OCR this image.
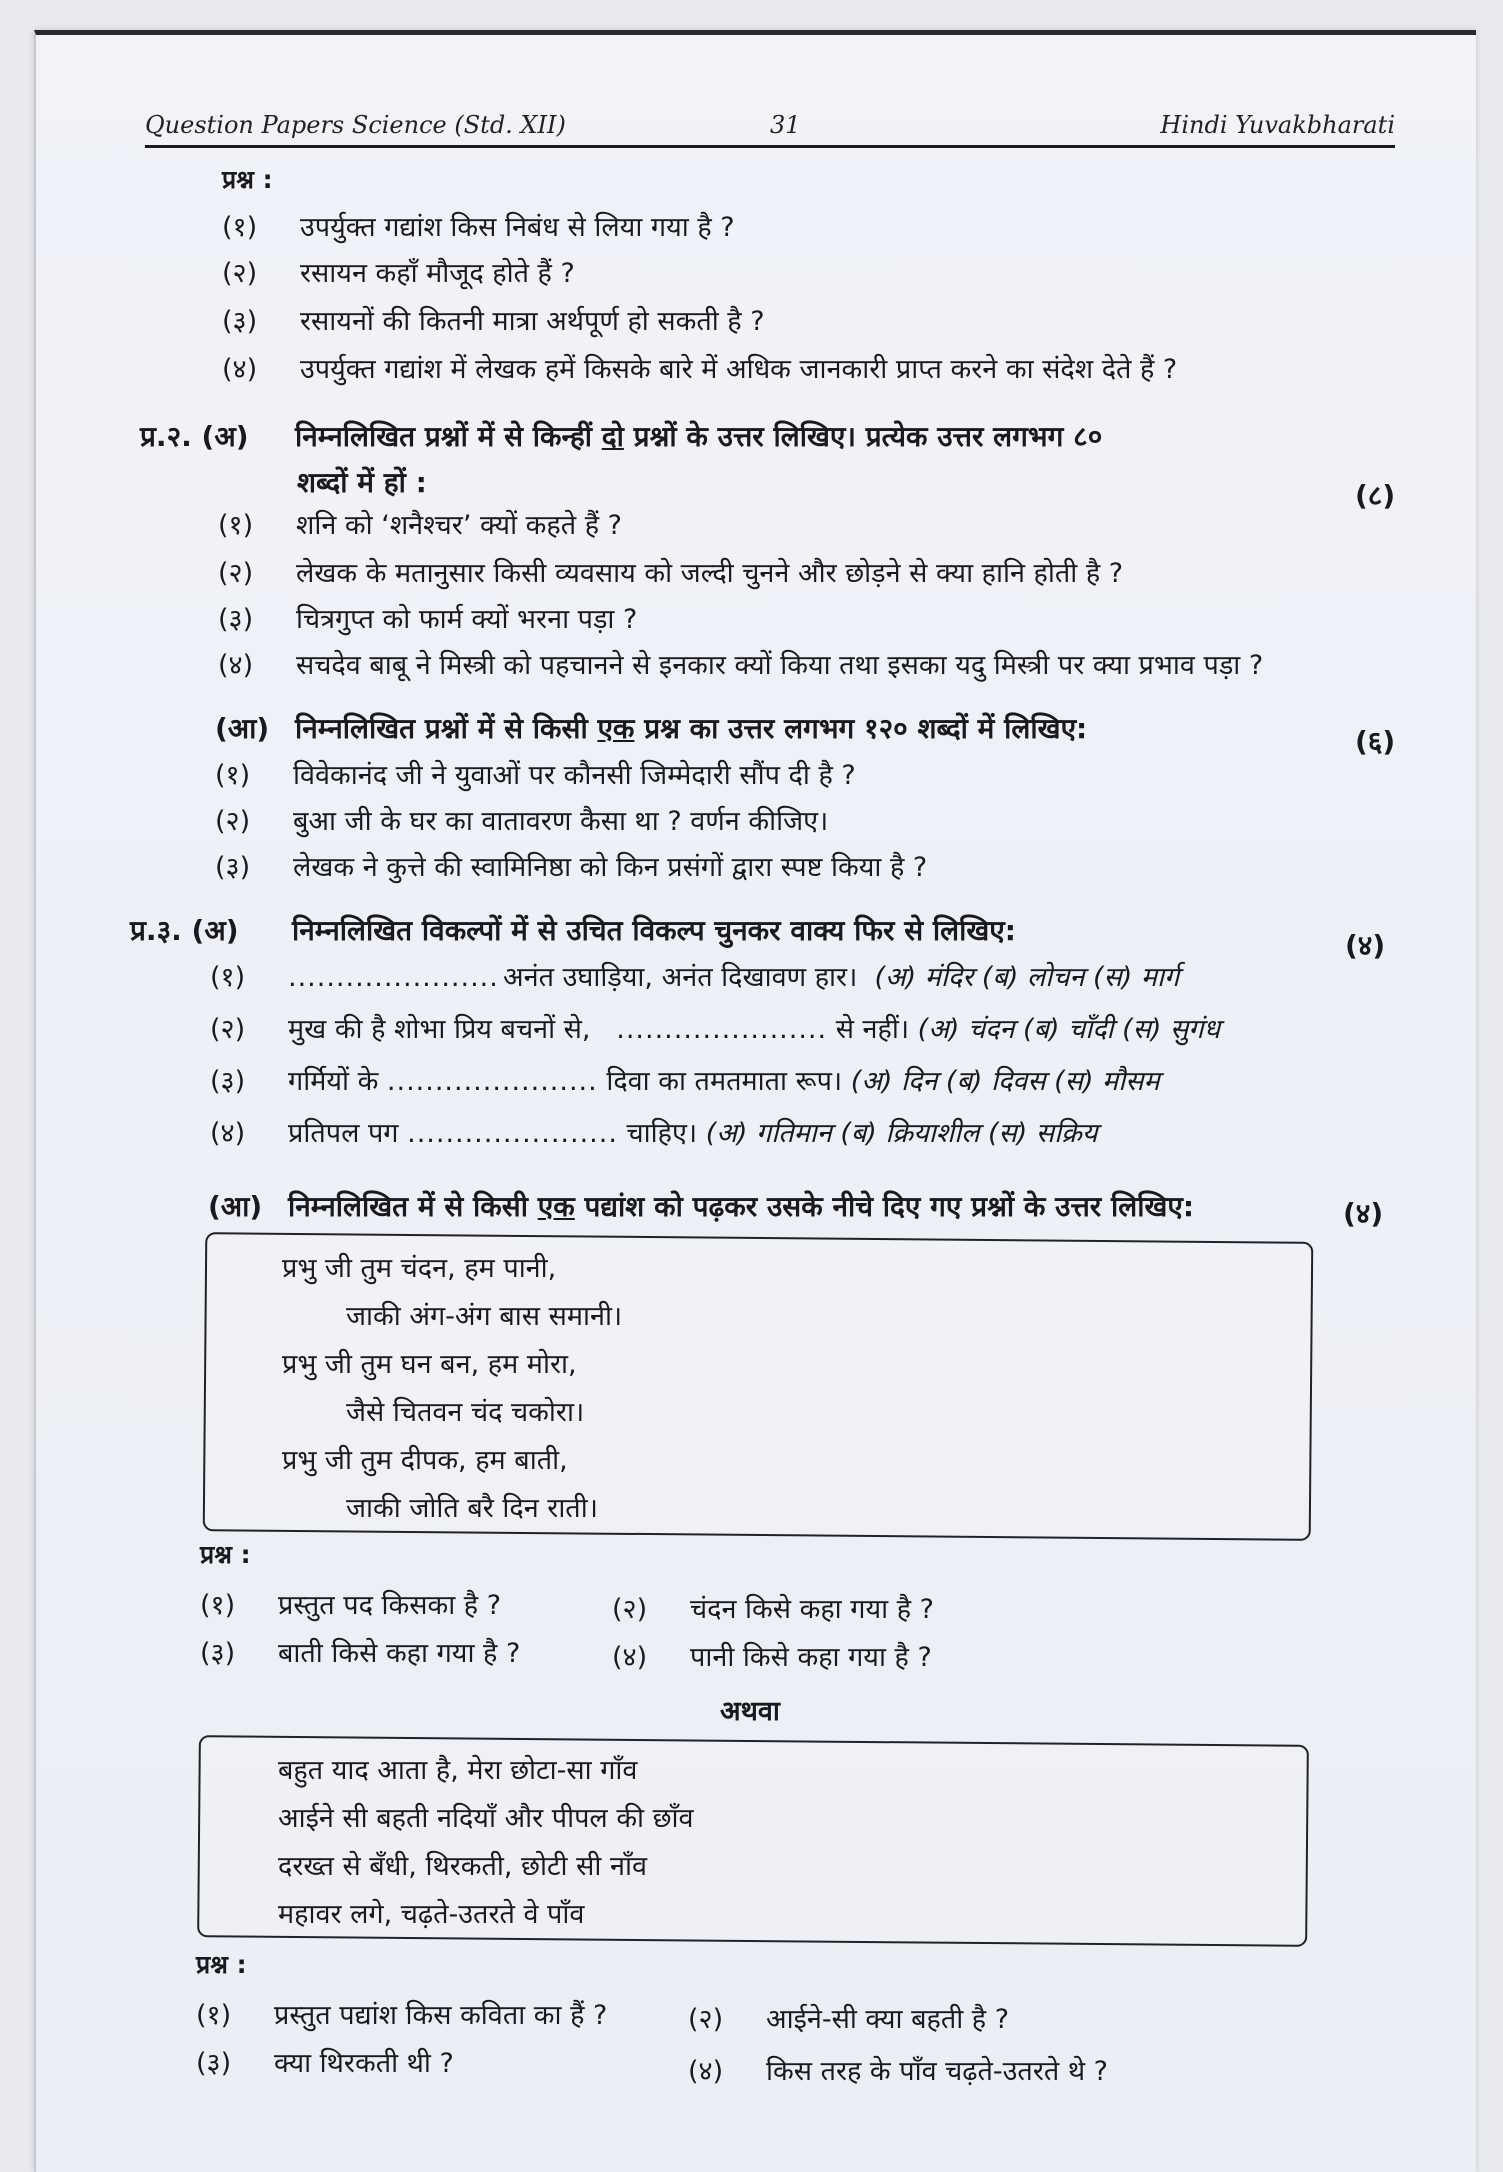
Question Papers Science (Std. XII)	31	Hindi Yuvakbharati
प्रश्न :
(१) उपर्युक्त गद्यांश किस निबंध से लिया गया है ?
(२) रसायन कहाँ मौजूद होते हैं ?
(३) रसायनों की कितनी मात्रा अर्थपूर्ण हो सकती है ?
(४) उपर्युक्त गद्यांश में लेखक हमें किसके बारे में अधिक जानकारी प्राप्त करने का संदेश देते हैं ?
प्र.२. (अ) निम्नलिखित प्रश्नों में से किन्हीं दो प्रश्नों के उत्तर लिखिए। प्रत्येक उत्तर लगभग ८०
शब्दों में हों :	(८)
(१) शनि को ‘शनैश्चर’ क्यों कहते हैं ?
(२) लेखक के मतानुसार किसी व्यवसाय को जल्दी चुनने और छोड़ने से क्या हानि होती है ?
(३) चित्रगुप्त को फार्म क्यों भरना पड़ा ?
(४) सचदेव बाबू ने मिस्त्री को पहचानने से इनकार क्यों किया तथा इसका यदु मिस्त्री पर क्या प्रभाव पड़ा ?
(आ) निम्नलिखित प्रश्नों में से किसी एक प्रश्न का उत्तर लगभग १२० शब्दों में लिखिए:	(६)
(१) विवेकानंद जी ने युवाओं पर कौनसी जिम्मेदारी सौंप दी है ?
(२) बुआ जी के घर का वातावरण कैसा था ? वर्णन कीजिए।
(३) लेखक ने कुत्ते की स्वामिनिष्ठा को किन प्रसंगों द्वारा स्पष्ट किया है ?
प्र.३. (अ) निम्नलिखित विकल्पों में से उचित विकल्प चुनकर वाक्य फिर से लिखिए:	(४)
(१) ...................... अनंत उघाड़िया, अनंत दिखावण हार। (अ) मंदिर (ब) लोचन (स) मार्ग
(२) मुख की है शोभा प्रिय बचनों से, ...................... से नहीं। (अ) चंदन (ब) चाँदी (स) सुगंध
(३) गर्मियों के ...................... दिवा का तमतमाता रूप। (अ) दिन (ब) दिवस (स) मौसम
(४) प्रतिपल पग ...................... चाहिए। (अ) गतिमान (ब) क्रियाशील (स) सक्रिय
(आ) निम्नलिखित में से किसी एक पद्यांश को पढ़कर उसके नीचे दिए गए प्रश्नों के उत्तर लिखिए:	(४)
प्रभु जी तुम चंदन, हम पानी,
जाकी अंग-अंग बास समानी।
प्रभु जी तुम घन बन, हम मोरा,
जैसे चितवन चंद चकोरा।
प्रभु जी तुम दीपक, हम बाती,
जाकी जोति बरै दिन राती।
प्रश्न :
(१) प्रस्तुत पद किसका है ?	(२) चंदन किसे कहा गया है ?
(३) बाती किसे कहा गया है ?	(४) पानी किसे कहा गया है ?
अथवा
बहुत याद आता है, मेरा छोटा-सा गाँव
आईने सी बहती नदियाँ और पीपल की छाँव
दरख्त से बँधी, थिरकती, छोटी सी नाँव
महावर लगे, चढ़ते-उतरते वे पाँव
प्रश्न :
(१) प्रस्तुत पद्यांश किस कविता का हैं ?	(२) आईने-सी क्या बहती है ?
(३) क्या थिरकती थी ?	(४) किस तरह के पाँव चढ़ते-उतरते थे ?
